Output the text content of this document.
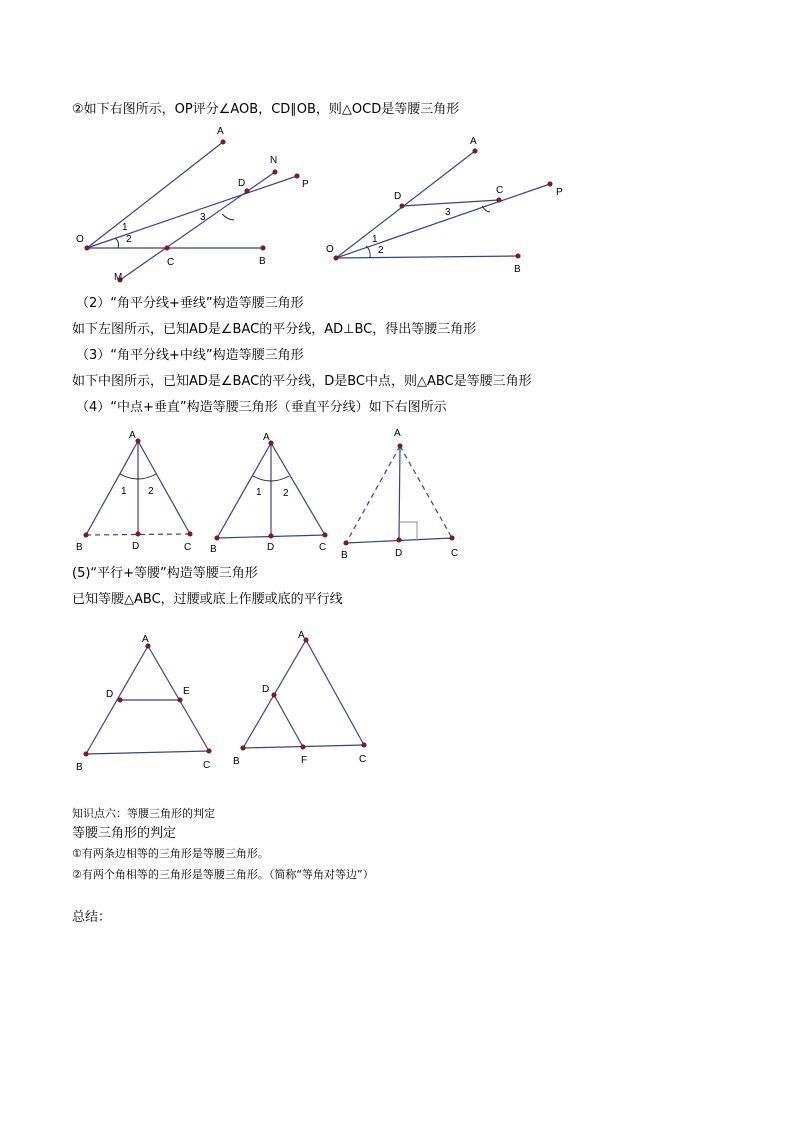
②如下右图所示，OP评分∠AOB，CD∥OB，则△OCD是等腰三角形
A
N
D	P
O
C	B
M
1
2
3
A
D
C	P
O
B
1
2
3
（2）“角平分线+垂线”构造等腰三角形
如下左图所示，已知AD是∠BAC的平分线，AD⊥BC，得出等腰三角形
（3）“角平分线+中线”构造等腰三角形
如下中图所示，已知AD是∠BAC的平分线，D是BC中点，则△ABC是等腰三角形
（4）“中点+垂直”构造等腰三角形（垂直平分线）如下右图所示
A
B	D	C
1 2
A
B	D	C
1 2
A
B	D	C
(5)“平行+等腰”构造等腰三角形
已知等腰△ABC，过腰或底上作腰或底的平行线
A
D	E
B	C
A
D
B	F	C
知识点六：等腰三角形的判定
等腰三角形的判定
①有两条边相等的三角形是等腰三角形。
②有两个角相等的三角形是等腰三角形。（简称“等角对等边”）
总结：
